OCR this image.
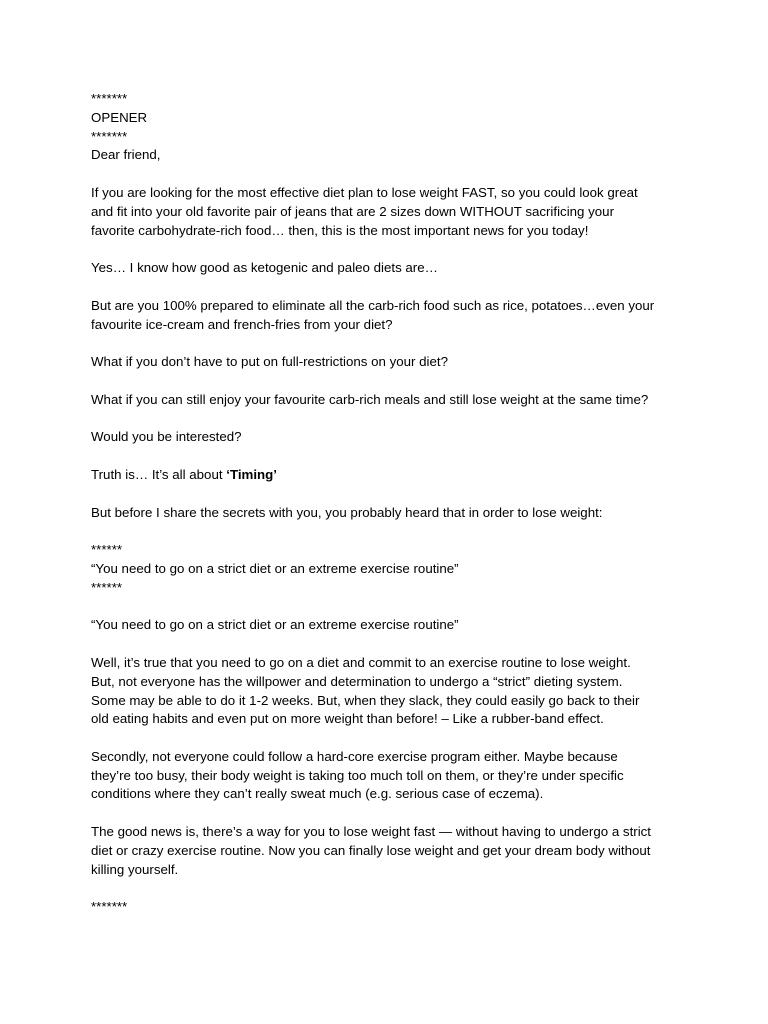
*******
OPENER
*******
Dear friend,
If you are looking for the most effective diet plan to lose weight FAST, so you could look great
and fit into your old favorite pair of jeans that are 2 sizes down WITHOUT sacrificing your
favorite carbohydrate-rich food… then, this is the most important news for you today!
Yes… I know how good as ketogenic and paleo diets are…
But are you 100% prepared to eliminate all the carb-rich food such as rice, potatoes…even your
favourite ice-cream and french-fries from your diet?
What if you don’t have to put on full-restrictions on your diet?
What if you can still enjoy your favourite carb-rich meals and still lose weight at the same time?
Would you be interested?
Truth is… It’s all about ‘Timing’
But before I share the secrets with you, you probably heard that in order to lose weight:
******
“You need to go on a strict diet or an extreme exercise routine”
******
“You need to go on a strict diet or an extreme exercise routine”
Well, it’s true that you need to go on a diet and commit to an exercise routine to lose weight.
But, not everyone has the willpower and determination to undergo a “strict” dieting system.
Some may be able to do it 1-2 weeks. But, when they slack, they could easily go back to their
old eating habits and even put on more weight than before! – Like a rubber-band effect.
Secondly, not everyone could follow a hard-core exercise program either. Maybe because
they’re too busy, their body weight is taking too much toll on them, or they’re under specific
conditions where they can’t really sweat much (e.g. serious case of eczema).
The good news is, there’s a way for you to lose weight fast — without having to undergo a strict
diet or crazy exercise routine. Now you can finally lose weight and get your dream body without
killing yourself.
*******
